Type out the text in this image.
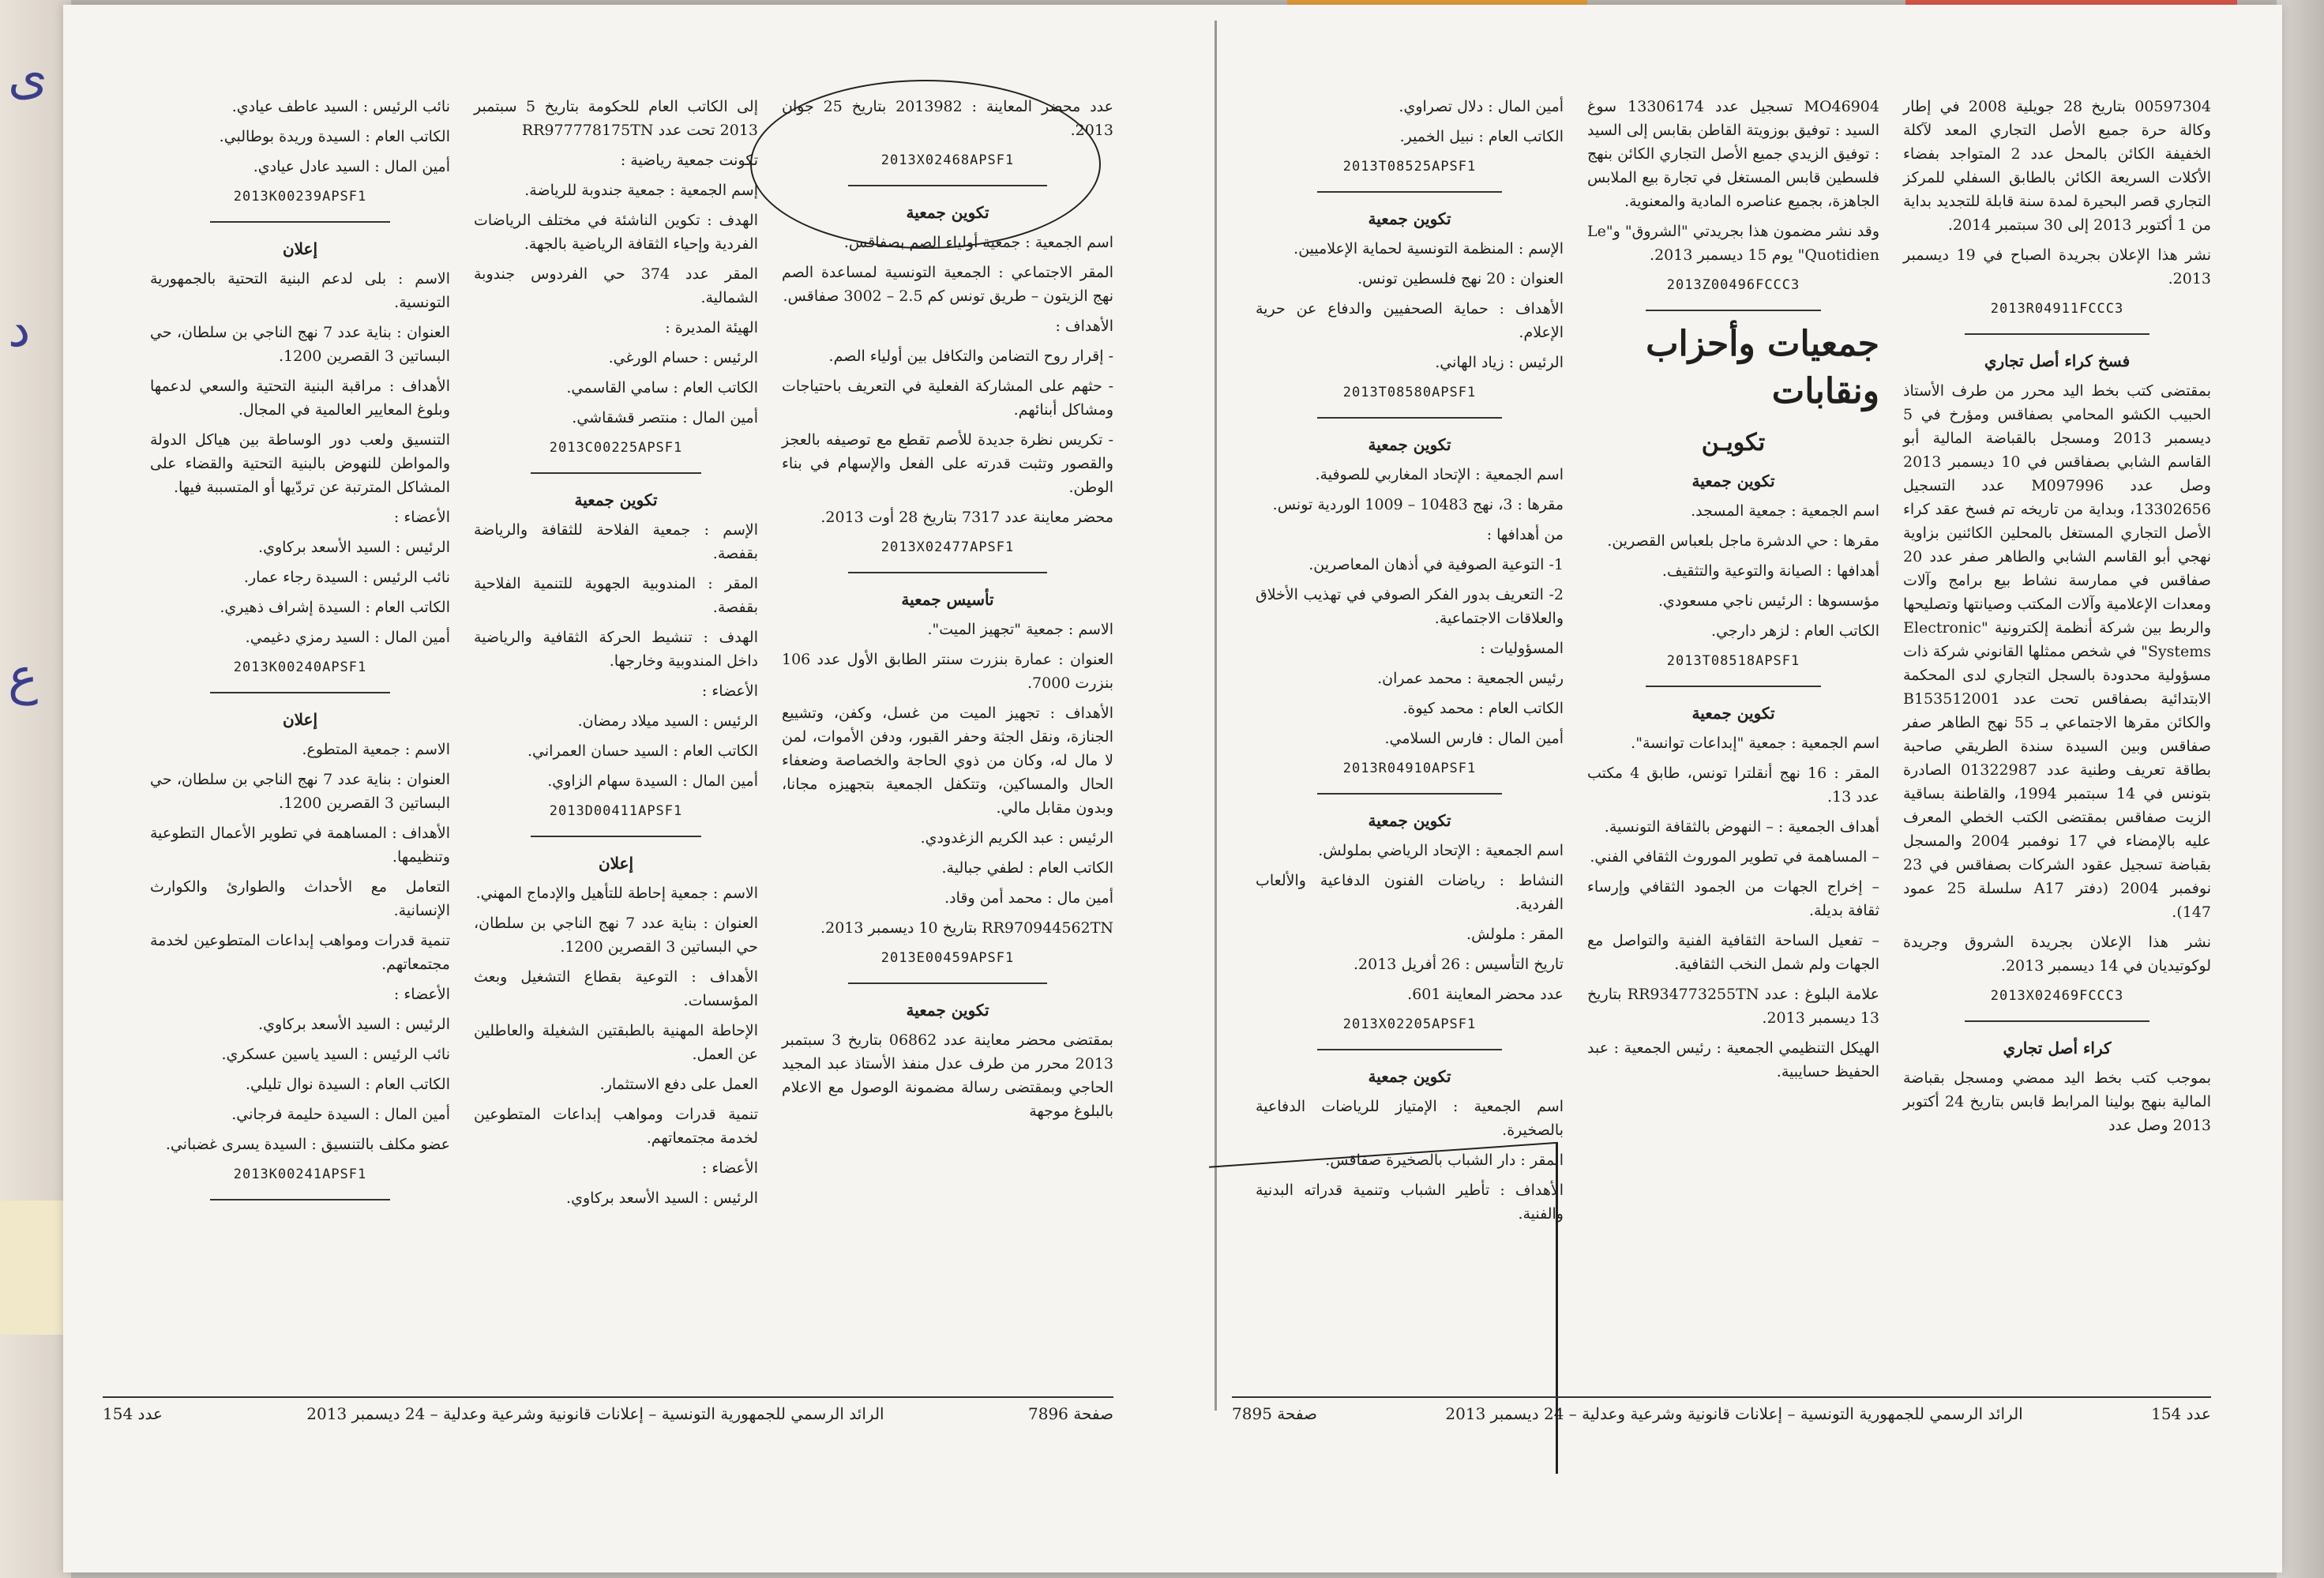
ی
د
ع

عدد محضر المعاينة : 2013982 بتاريخ 25 جوان 2013.

2013X02468APSF1
تكوين جمعية

اسم الجمعية : جمعية أولياء الصم بصفاقس.

المقر الاجتماعي : الجمعية التونسية لمساعدة الصم نهج الزيتون – طريق تونس كم 2.5 – 3002 صفاقس.

الأهداف :

- إقرار روح التضامن والتكافل بين أولياء الصم.

- حثهم على المشاركة الفعلية في التعريف باحتياجات ومشاكل أبنائهم.

- تكريس نظرة جديدة للأصم تقطع مع توصيفه بالعجز والقصور وتثبت قدرته على الفعل والإسهام في بناء الوطن.

محضر معاينة عدد 7317 بتاريخ 28 أوت 2013.

2013X02477APSF1
تأسيس جمعية

الاسم : جمعية "تجهيز الميت".

العنوان : عمارة بنزرت سنتر الطابق الأول عدد 106 بنزرت 7000.

الأهداف : تجهيز الميت من غسل، وكفن، وتشييع الجنازة، ونقل الجثة وحفر القبور، ودفن الأموات، لمن لا مال له، وكان من ذوي الحاجة والخصاصة وضعفاء الحال والمساكين، وتتكفل الجمعية بتجهيزه مجانا، وبدون مقابل مالي.

الرئيس : عبد الكريم الزغدودي.

الكاتب العام : لطفي جبالية.

أمين مال : محمد أمن وقاد.

RR970944562TN بتاريخ 10 ديسمبر 2013.

2013E00459APSF1
تكوين جمعية

بمقتضى محضر معاينة عدد 06862 بتاريخ 3 سبتمبر 2013 محرر من طرف عدل منفذ الأستاذ عبد المجيد الحاجي وبمقتضى رسالة مضمونة الوصول مع الاعلام بالبلوغ موجهة

إلى الكاتب العام للحكومة بتاريخ 5 سبتمبر 2013 تحت عدد RR977778175TN

تكونت جمعية رياضية :

إسم الجمعية : جمعية جندوبة للرياضة.

الهدف : تكوين الناشئة في مختلف الرياضات الفردية وإحياء الثقافة الرياضية بالجهة.

المقر عدد 374 حي الفردوس جندوبة الشمالية.

الهيئة المديرة :

الرئيس : حسام الورغي.

الكاتب العام : سامي القاسمي.

أمين المال : منتصر قشقاشي.

2013C00225APSF1
تكوين جمعية

الإسم : جمعية الفلاحة للثقافة والرياضة بقفصة.

المقر : المندوبية الجهوية للتنمية الفلاحية بقفصة.

الهدف : تنشيط الحركة الثقافية والرياضية داخل المندوبية وخارجها.

الأعضاء :

الرئيس : السيد ميلاد رمضان.

الكاتب العام : السيد حسان العمراني.

أمين المال : السيدة سهام الزاوي.

2013D00411APSF1
إعلان

الاسم : جمعية إحاطة للتأهيل والإدماج المهني.

العنوان : بناية عدد 7 نهج الناجي بن سلطان، حي البساتين 3 القصرين 1200.

الأهداف : التوعية بقطاع التشغيل وبعث المؤسسات.

الإحاطة المهنية بالطبقتين الشغيلة والعاطلين عن العمل.

العمل على دفع الاستثمار.

تنمية قدرات ومواهب إبداعات المتطوعين لخدمة مجتمعاتهم.

الأعضاء :

الرئيس : السيد الأسعد بركاوي.

نائب الرئيس : السيد عاطف عيادي.

الكاتب العام : السيدة وريدة بوطالبي.

أمين المال : السيد عادل عيادي.

2013K00239APSF1
إعلان

الاسم : بلى لدعم البنية التحتية بالجمهورية التونسية.

العنوان : بناية عدد 7 نهج الناجي بن سلطان، حي البساتين 3 القصرين 1200.

الأهداف : مراقبة البنية التحتية والسعي لدعمها وبلوغ المعايير العالمية في المجال.

التنسيق ولعب دور الوساطة بين هياكل الدولة والمواطن للنهوض بالبنية التحتية والقضاء على المشاكل المترتبة عن تردّيها أو المتسببة فيها.

الأعضاء :

الرئيس : السيد الأسعد بركاوي.

نائب الرئيس : السيدة رجاء عمار.

الكاتب العام : السيدة إشراف ذهيري.

أمين المال : السيد رمزي دغيمي.

2013K00240APSF1
إعلان

الاسم : جمعية المتطوع.

العنوان : بناية عدد 7 نهج الناجي بن سلطان، حي البساتين 3 القصرين 1200.

الأهداف : المساهمة في تطوير الأعمال التطوعية وتنظيمها.

التعامل مع الأحداث والطوارئ والكوارث الإنسانية.

تنمية قدرات ومواهب إبداعات المتطوعين لخدمة مجتمعاتهم.

الأعضاء :

الرئيس : السيد الأسعد بركاوي.

نائب الرئيس : السيد ياسين عسكري.

الكاتب العام : السيدة نوال تليلي.

أمين المال : السيدة حليمة فرجاني.

عضو مكلف بالتنسيق : السيدة يسرى غضباني.

2013K00241APSF1
صفحة 7896
الرائد الرسمي للجمهورية التونسية – إعلانات قانونية وشرعية وعدلية – 24 ديسمبر 2013
عدد 154

00597304 بتاريخ 28 جويلية 2008 في إطار وكالة حرة جميع الأصل التجاري المعد لآكلة الخفيفة الكائن بالمحل عدد 2 المتواجد بفضاء الأكلات السريعة الكائن بالطابق السفلي للمركز التجاري قصر البحيرة لمدة سنة قابلة للتجديد بداية من 1 أكتوبر 2013 إلى 30 سبتمبر 2014.

نشر هذا الإعلان بجريدة الصباح في 19 ديسمبر 2013.

2013R04911FCCC3
فسخ كراء أصل تجاري

بمقتضى كتب بخط اليد محرر من طرف الأستاذ الحبيب الكشو المحامي بصفاقس ومؤرخ في 5 ديسمبر 2013 ومسجل بالقباضة المالية أبو القاسم الشابي بصفاقس في 10 ديسمبر 2013 وصل عدد M097996 عدد التسجيل 13302656، وبداية من تاريخه تم فسخ عقد كراء الأصل التجاري المستغل بالمحلين الكائنين بزاوية نهجي أبو القاسم الشابي والطاهر صفر عدد 20 صفاقس في ممارسة نشاط بيع برامج وآلات ومعدات الإعلامية وآلات المكتب وصيانتها وتصليحها والربط بين شركة أنظمة إلكترونية "Electronic Systems" في شخص ممثلها القانوني شركة ذات مسؤولية محدودة بالسجل التجاري لدى المحكمة الابتدائية بصفاقس تحت عدد B153512001 والكائن مقرها الاجتماعي بـ 55 نهج الطاهر صفر صفاقس وبين السيدة سندة الطريقي صاحبة بطاقة تعريف وطنية عدد 01322987 الصادرة بتونس في 14 سبتمبر 1994، والقاطنة بساقية الزيت صفاقس بمقتضى الكتب الخطي المعرف عليه بالإمضاء في 17 نوفمبر 2004 والمسجل بقباضة تسجيل عقود الشركات بصفاقس في 23 نوفمبر 2004 (دفتر A17 سلسلة 25 عمود 147).

نشر هذا الإعلان بجريدة الشروق وجريدة لوكوتيديان في 14 ديسمبر 2013.

2013X02469FCCC3
كراء أصل تجاري

بموجب كتب بخط اليد ممضي ومسجل بقباضة المالية بنهج بولينا المرابط قابس بتاريخ 24 أكتوبر 2013 وصل عدد

MO46904 تسجيل عدد 13306174 سوغ السيد : توفيق بوزويتة القاطن بقابس إلى السيد : توفيق الزيدي جميع الأصل التجاري الكائن بنهج فلسطين قابس المستغل في تجارة بيع الملابس الجاهزة، بجميع عناصره المادية والمعنوية.

وقد نشر مضمون هذا بجريدتي "الشروق" و"Le Quotidien" يوم 15 ديسمبر 2013.

2013Z00496FCCC3
جمعيات وأحزاب ونقابات
تكويـن
تكوين جمعية

اسم الجمعية : جمعية المسجد.

مقرها : حي الدشرة ماجل بلعباس القصرين.

أهدافها : الصيانة والتوعية والتثقيف.

مؤسسوها : الرئيس ناجي مسعودي.

الكاتب العام : لزهر دارجي.

2013T08518APSF1
تكوين جمعية

اسم الجمعية : جمعية "إبداعات توانسة".

المقر : 16 نهج أنقلترا تونس، طابق 4 مكتب عدد 13.

أهداف الجمعية : – النهوض بالثقافة التونسية.

– المساهمة في تطوير الموروث الثقافي الفني.

– إخراج الجهات من الجمود الثقافي وإرساء ثقافة بديلة.

– تفعيل الساحة الثقافية الفنية والتواصل مع الجهات ولم شمل النخب الثقافية.

علامة البلوغ : عدد RR934773255TN بتاريخ 13 ديسمبر 2013.

الهيكل التنظيمي الجمعية : رئيس الجمعية : عبد الحفيظ حسايبية.

أمين المال : دلال تصراوي.

الكاتب العام : نبيل الخمير.

2013T08525APSF1
تكوين جمعية

الإسم : المنظمة التونسية لحماية الإعلاميين.

العنوان : 20 نهج فلسطين تونس.

الأهداف : حماية الصحفيين والدفاع عن حرية الإعلام.

الرئيس : زياد الهاني.

2013T08580APSF1
تكوين جمعية

اسم الجمعية : الإتحاد المغاربي للصوفية.

مقرها : 3، نهج 10483 – 1009 الوردية تونس.

من أهدافها :

1- التوعية الصوفية في أذهان المعاصرين.

2- التعريف بدور الفكر الصوفي في تهذيب الأخلاق والعلاقات الاجتماعية.

المسؤوليات :

رئيس الجمعية : محمد عمران.

الكاتب العام : محمد كيوة.

أمين المال : فارس السلامي.

2013R04910APSF1
تكوين جمعية

اسم الجمعية : الإتحاد الرياضي بملولش.

النشاط : رياضات الفنون الدفاعية والألعاب الفردية.

المقر : ملولش.

تاريخ التأسيس : 26 أفريل 2013.

عدد محضر المعاينة 601.

2013X02205APSF1
تكوين جمعية

اسم الجمعية : الإمتياز للرياضات الدفاعية بالصخيرة.

المقر : دار الشباب بالصخيرة صفاقس.

الأهداف : تأطير الشباب وتنمية قدراته البدنية والفنية.

عدد 154
الرائد الرسمي للجمهورية التونسية – إعلانات قانونية وشرعية وعدلية – 24 ديسمبر 2013
صفحة 7895
